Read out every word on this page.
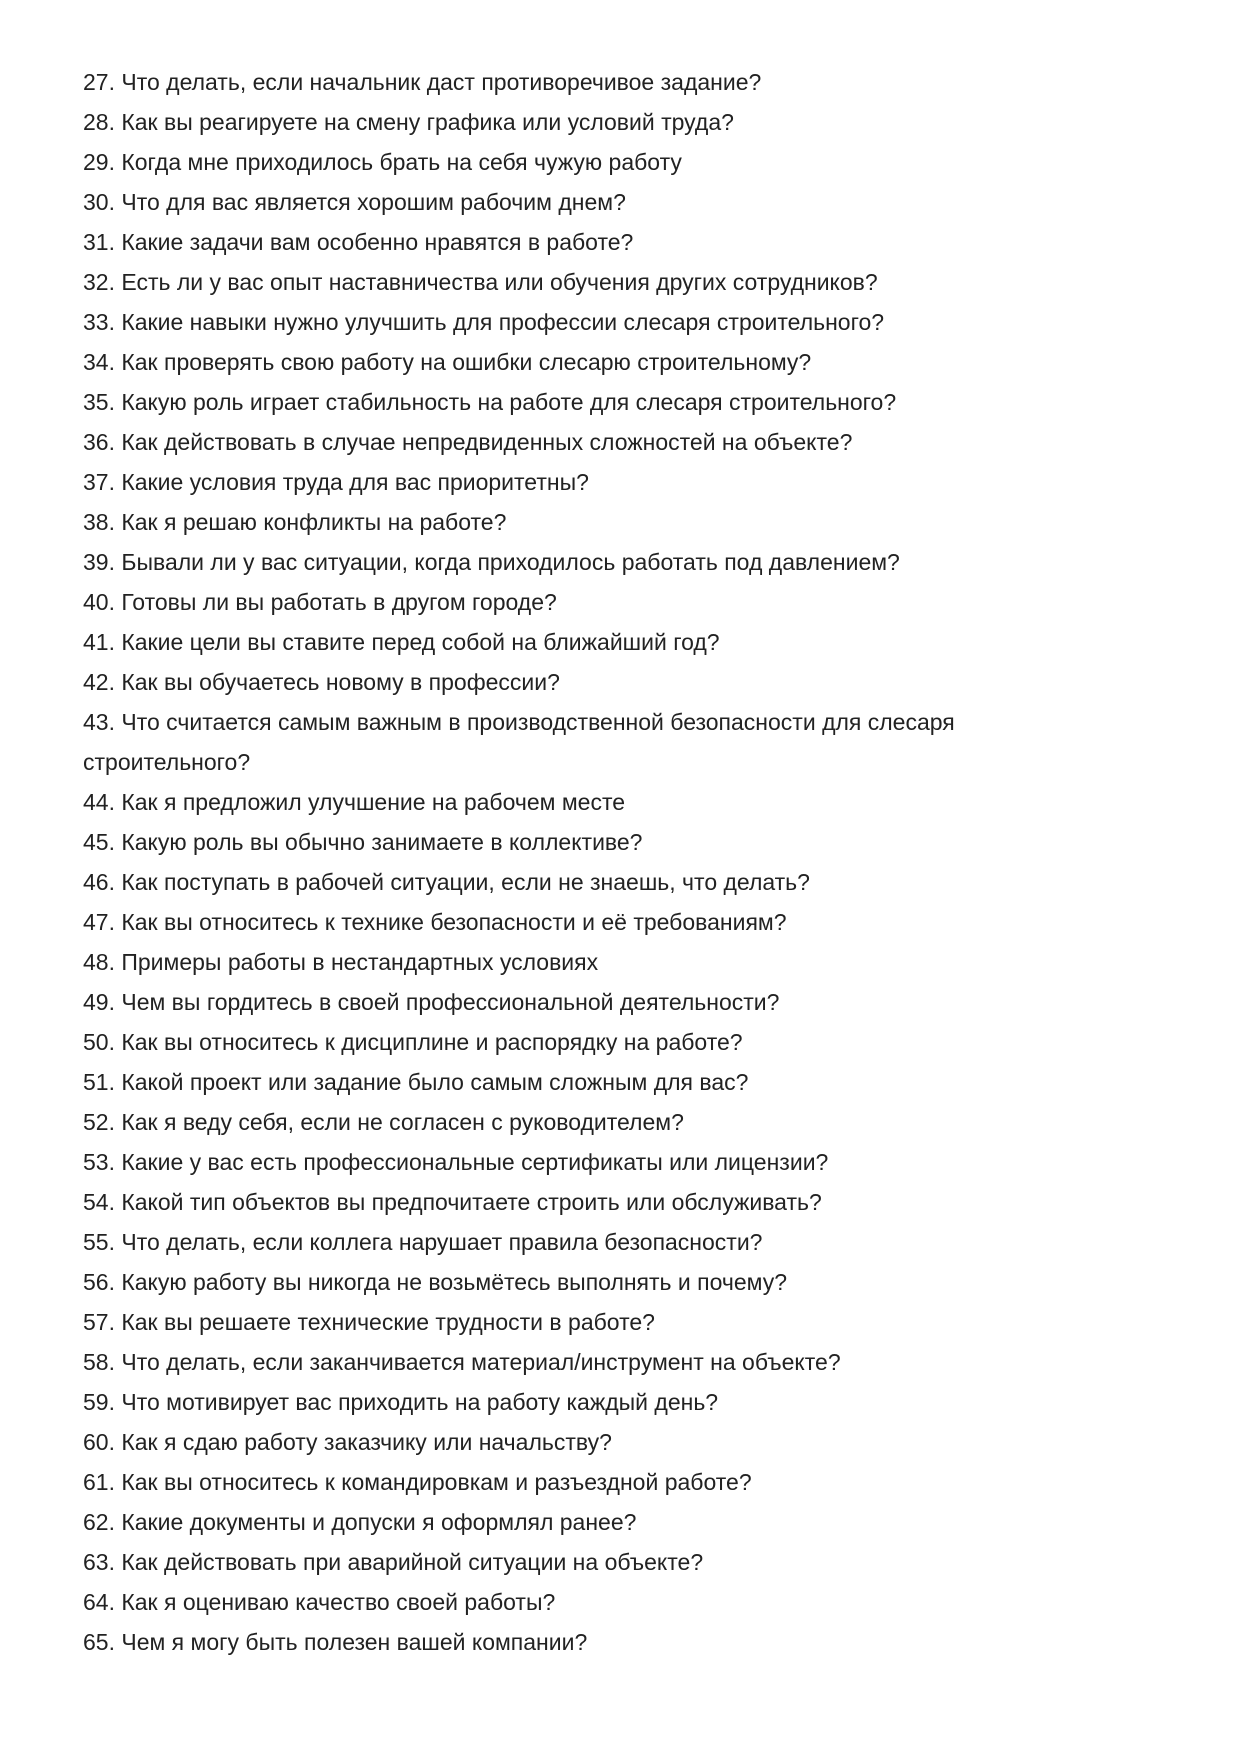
27. Что делать, если начальник даст противоречивое задание?
28. Как вы реагируете на смену графика или условий труда?
29. Когда мне приходилось брать на себя чужую работу
30. Что для вас является хорошим рабочим днем?
31. Какие задачи вам особенно нравятся в работе?
32. Есть ли у вас опыт наставничества или обучения других сотрудников?
33. Какие навыки нужно улучшить для профессии слесаря строительного?
34. Как проверять свою работу на ошибки слесарю строительному?
35. Какую роль играет стабильность на работе для слесаря строительного?
36. Как действовать в случае непредвиденных сложностей на объекте?
37. Какие условия труда для вас приоритетны?
38. Как я решаю конфликты на работе?
39. Бывали ли у вас ситуации, когда приходилось работать под давлением?
40. Готовы ли вы работать в другом городе?
41. Какие цели вы ставите перед собой на ближайший год?
42. Как вы обучаетесь новому в профессии?
43. Что считается самым важным в производственной безопасности для слесаря строительного?
44. Как я предложил улучшение на рабочем месте
45. Какую роль вы обычно занимаете в коллективе?
46. Как поступать в рабочей ситуации, если не знаешь, что делать?
47. Как вы относитесь к технике безопасности и её требованиям?
48. Примеры работы в нестандартных условиях
49. Чем вы гордитесь в своей профессиональной деятельности?
50. Как вы относитесь к дисциплине и распорядку на работе?
51. Какой проект или задание было самым сложным для вас?
52. Как я веду себя, если не согласен с руководителем?
53. Какие у вас есть профессиональные сертификаты или лицензии?
54. Какой тип объектов вы предпочитаете строить или обслуживать?
55. Что делать, если коллега нарушает правила безопасности?
56. Какую работу вы никогда не возьмётесь выполнять и почему?
57. Как вы решаете технические трудности в работе?
58. Что делать, если заканчивается материал/инструмент на объекте?
59. Что мотивирует вас приходить на работу каждый день?
60. Как я сдаю работу заказчику или начальству?
61. Как вы относитесь к командировкам и разъездной работе?
62. Какие документы и допуски я оформлял ранее?
63. Как действовать при аварийной ситуации на объекте?
64. Как я оцениваю качество своей работы?
65. Чем я могу быть полезен вашей компании?
